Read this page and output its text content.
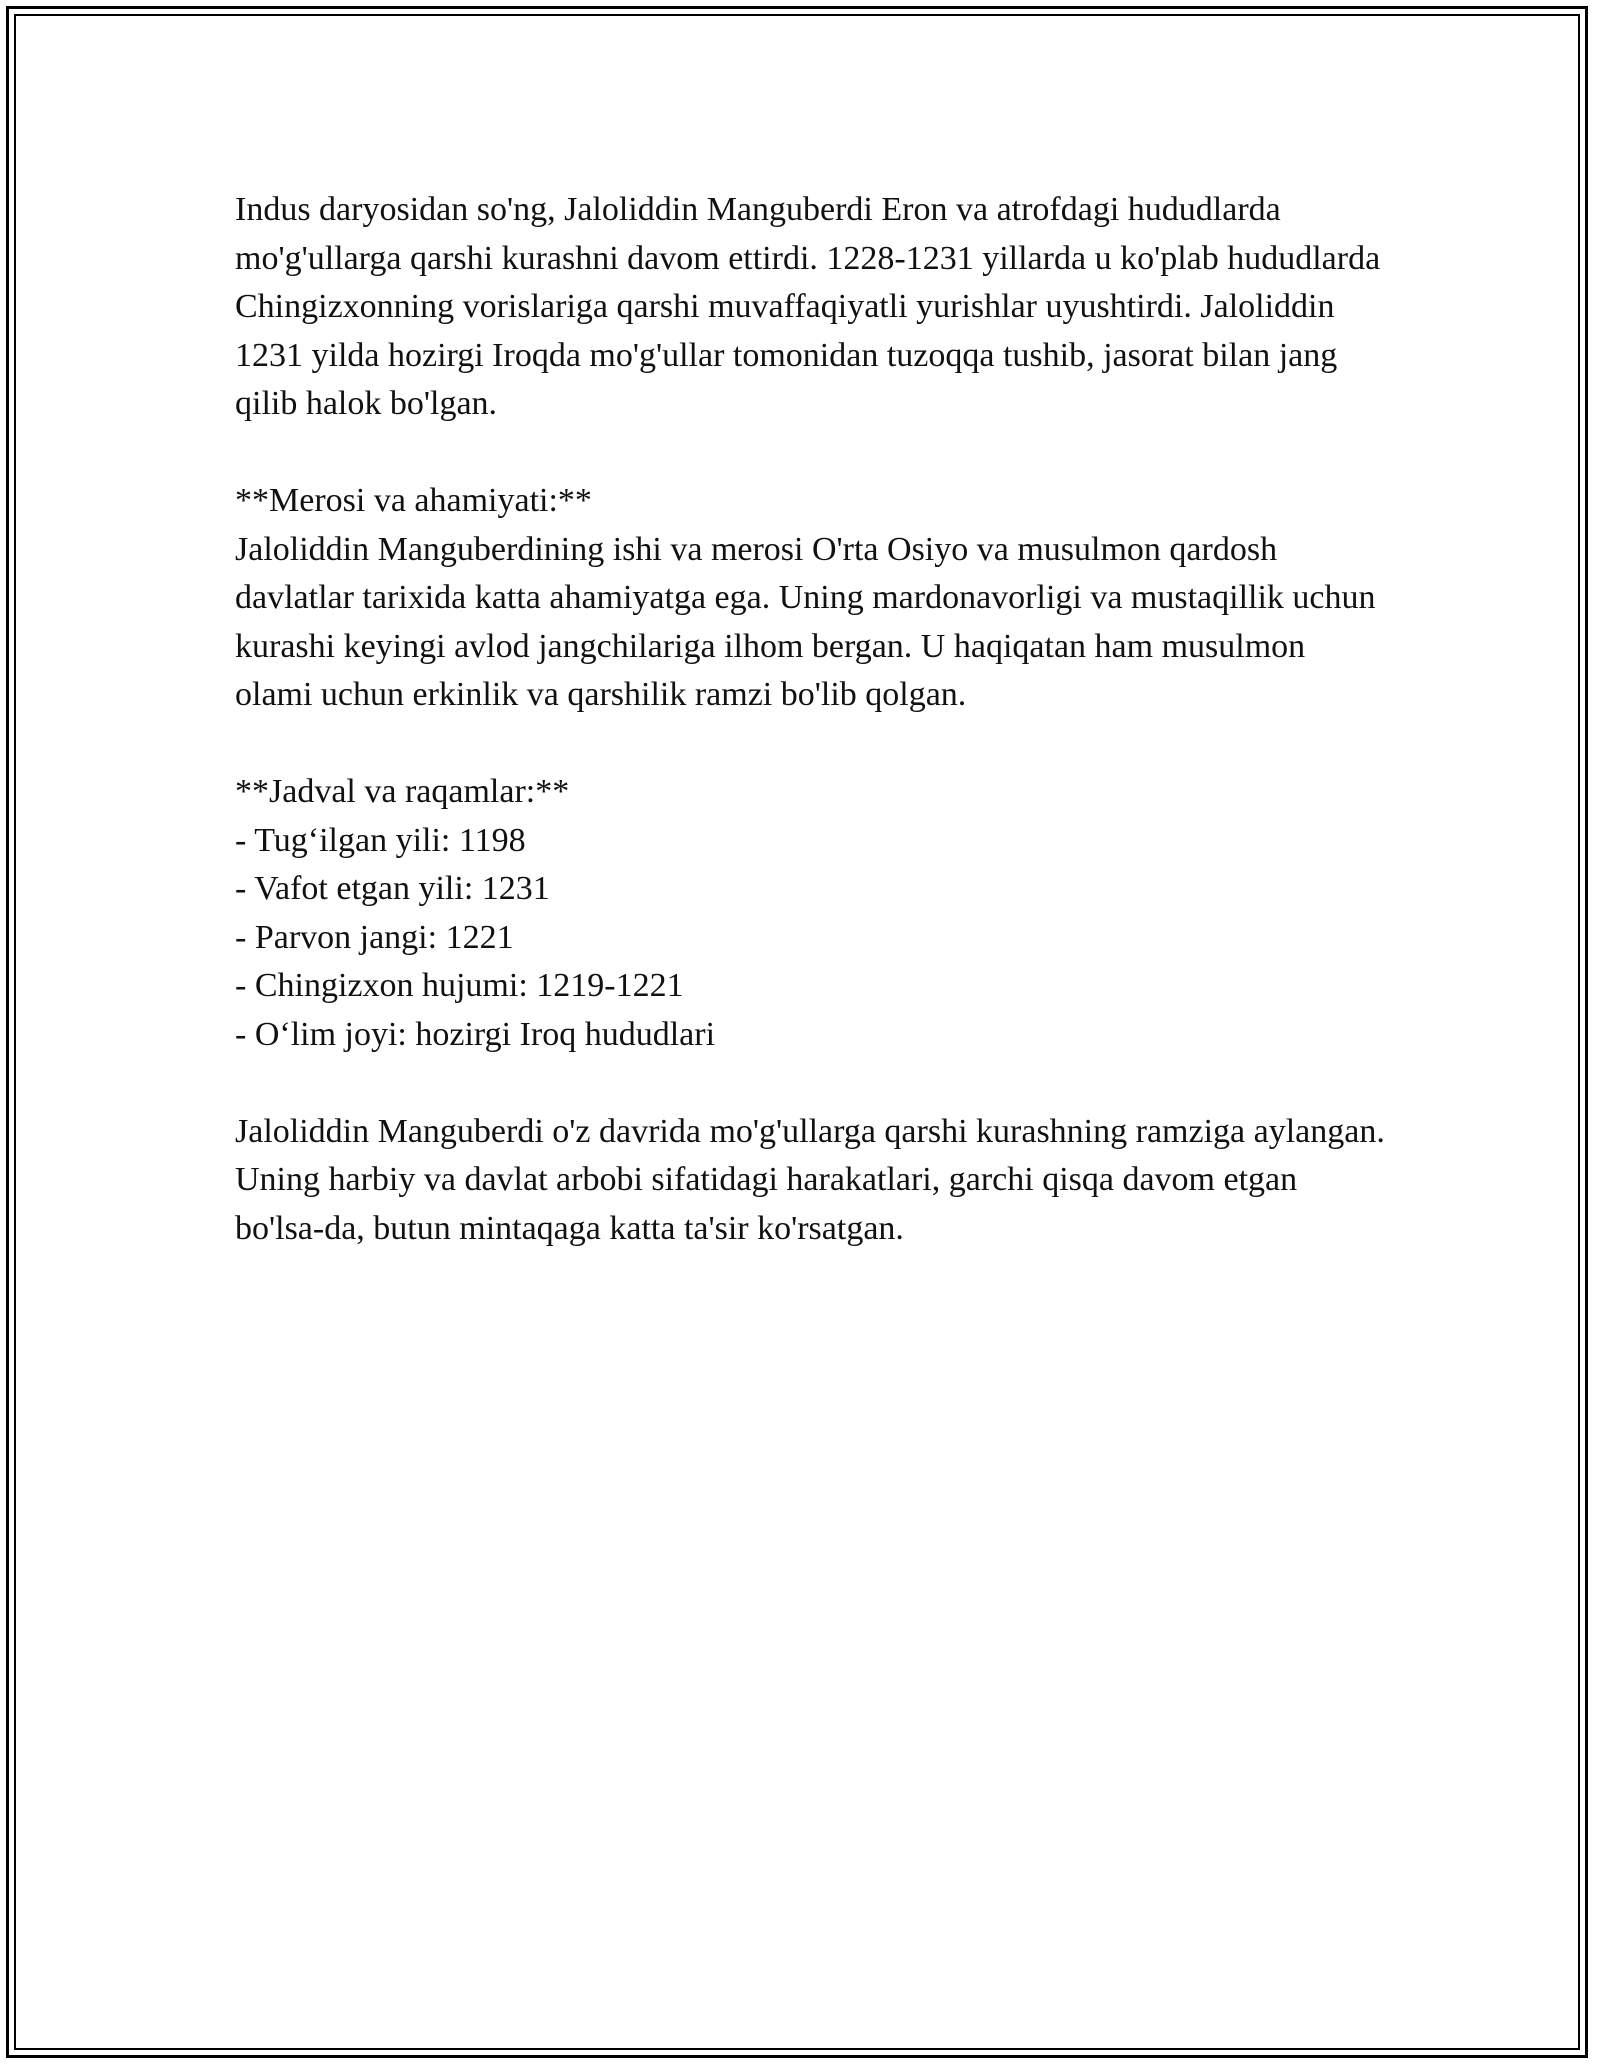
Indus daryosidan so'ng, Jaloliddin Manguberdi Eron va atrofdagi hududlarda mo'g'ullarga qarshi kurashni davom ettirdi. 1228-1231 yillarda u ko'plab hududlarda Chingizxonning vorislariga qarshi muvaffaqiyatli yurishlar uyushtirdi. Jaloliddin 1231 yilda hozirgi Iroqda mo'g'ullar tomonidan tuzoqqa tushib, jasorat bilan jang qilib halok bo'lgan.

**Merosi va ahamiyati:**

Jaloliddin Manguberdining ishi va merosi O'rta Osiyo va musulmon qardosh davlatlar tarixida katta ahamiyatga ega. Uning mardonavorligi va mustaqillik uchun kurashi keyingi avlod jangchilariga ilhom bergan. U haqiqatan ham musulmon olami uchun erkinlik va qarshilik ramzi bo'lib qolgan.

**Jadval va raqamlar:**

- Tug‘ilgan yili: 1198
- Vafot etgan yili: 1231
- Parvon jangi: 1221
- Chingizxon hujumi: 1219-1221
- O‘lim joyi: hozirgi Iroq hududlari

Jaloliddin Manguberdi o'z davrida mo'g'ullarga qarshi kurashning ramziga aylangan. Uning harbiy va davlat arbobi sifatidagi harakatlari, garchi qisqa davom etgan bo'lsa-da, butun mintaqaga katta ta'sir ko'rsatgan.
